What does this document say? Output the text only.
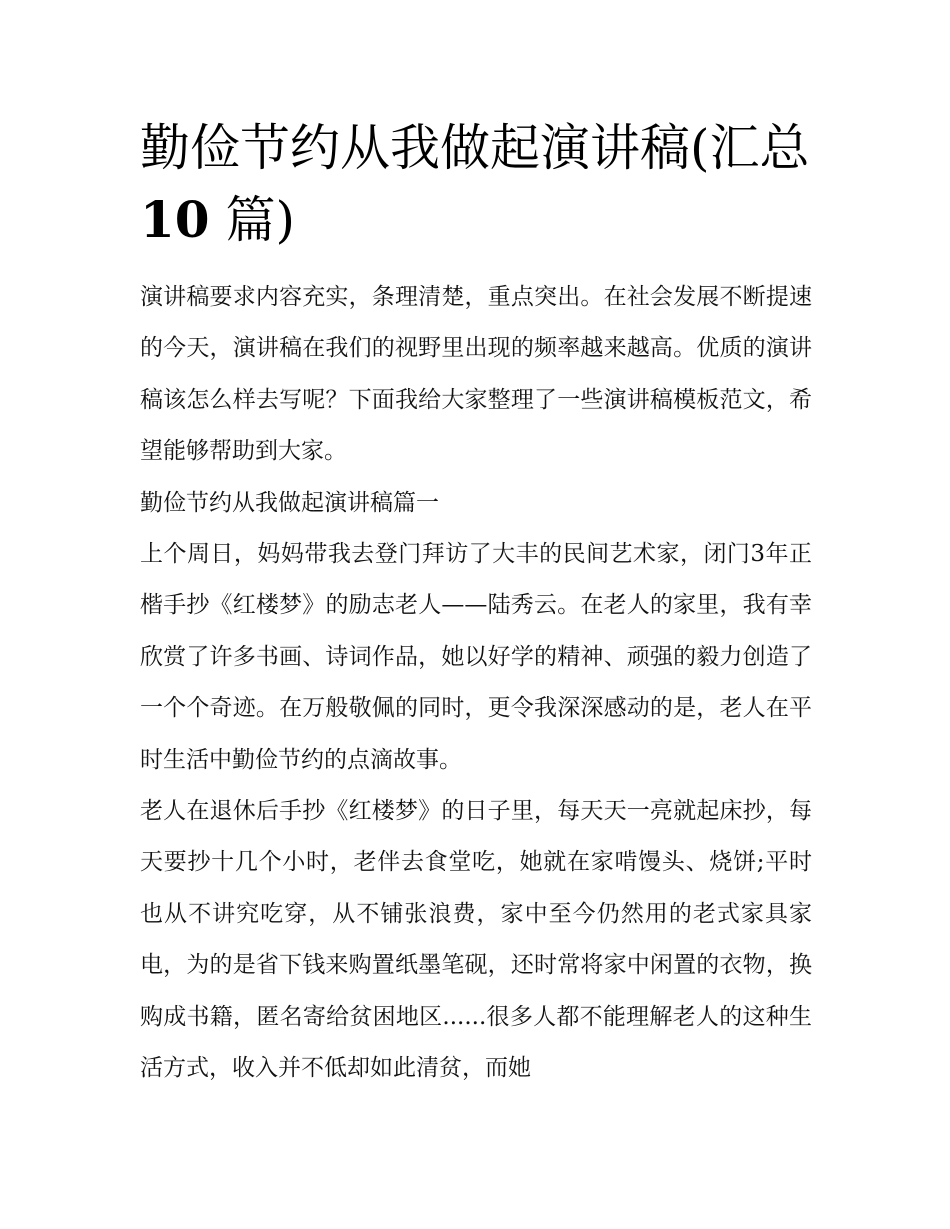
勤俭节约从我做起演讲稿(汇总
10 篇)

演讲稿要求内容充实，条理清楚，重点突出。在社会发展不断提速的今天，演讲稿在我们的视野里出现的频率越来越高。优质的演讲稿该怎么样去写呢？下面我给大家整理了一些演讲稿模板范文，希望能够帮助到大家。

勤俭节约从我做起演讲稿篇一

上个周日，妈妈带我去登门拜访了大丰的民间艺术家，闭门3年正楷手抄《红楼梦》的励志老人——陆秀云。在老人的家里，我有幸欣赏了许多书画、诗词作品，她以好学的精神、顽强的毅力创造了一个个奇迹。在万般敬佩的同时，更令我深深感动的是，老人在平时生活中勤俭节约的点滴故事。

老人在退休后手抄《红楼梦》的日子里，每天天一亮就起床抄，每天要抄十几个小时，老伴去食堂吃，她就在家啃馒头、烧饼;平时也从不讲究吃穿，从不铺张浪费，家中至今仍然用的老式家具家电，为的是省下钱来购置纸墨笔砚，还时常将家中闲置的衣物，换购成书籍，匿名寄给贫困地区......很多人都不能理解老人的这种生活方式，收入并不低却如此清贫，而她
